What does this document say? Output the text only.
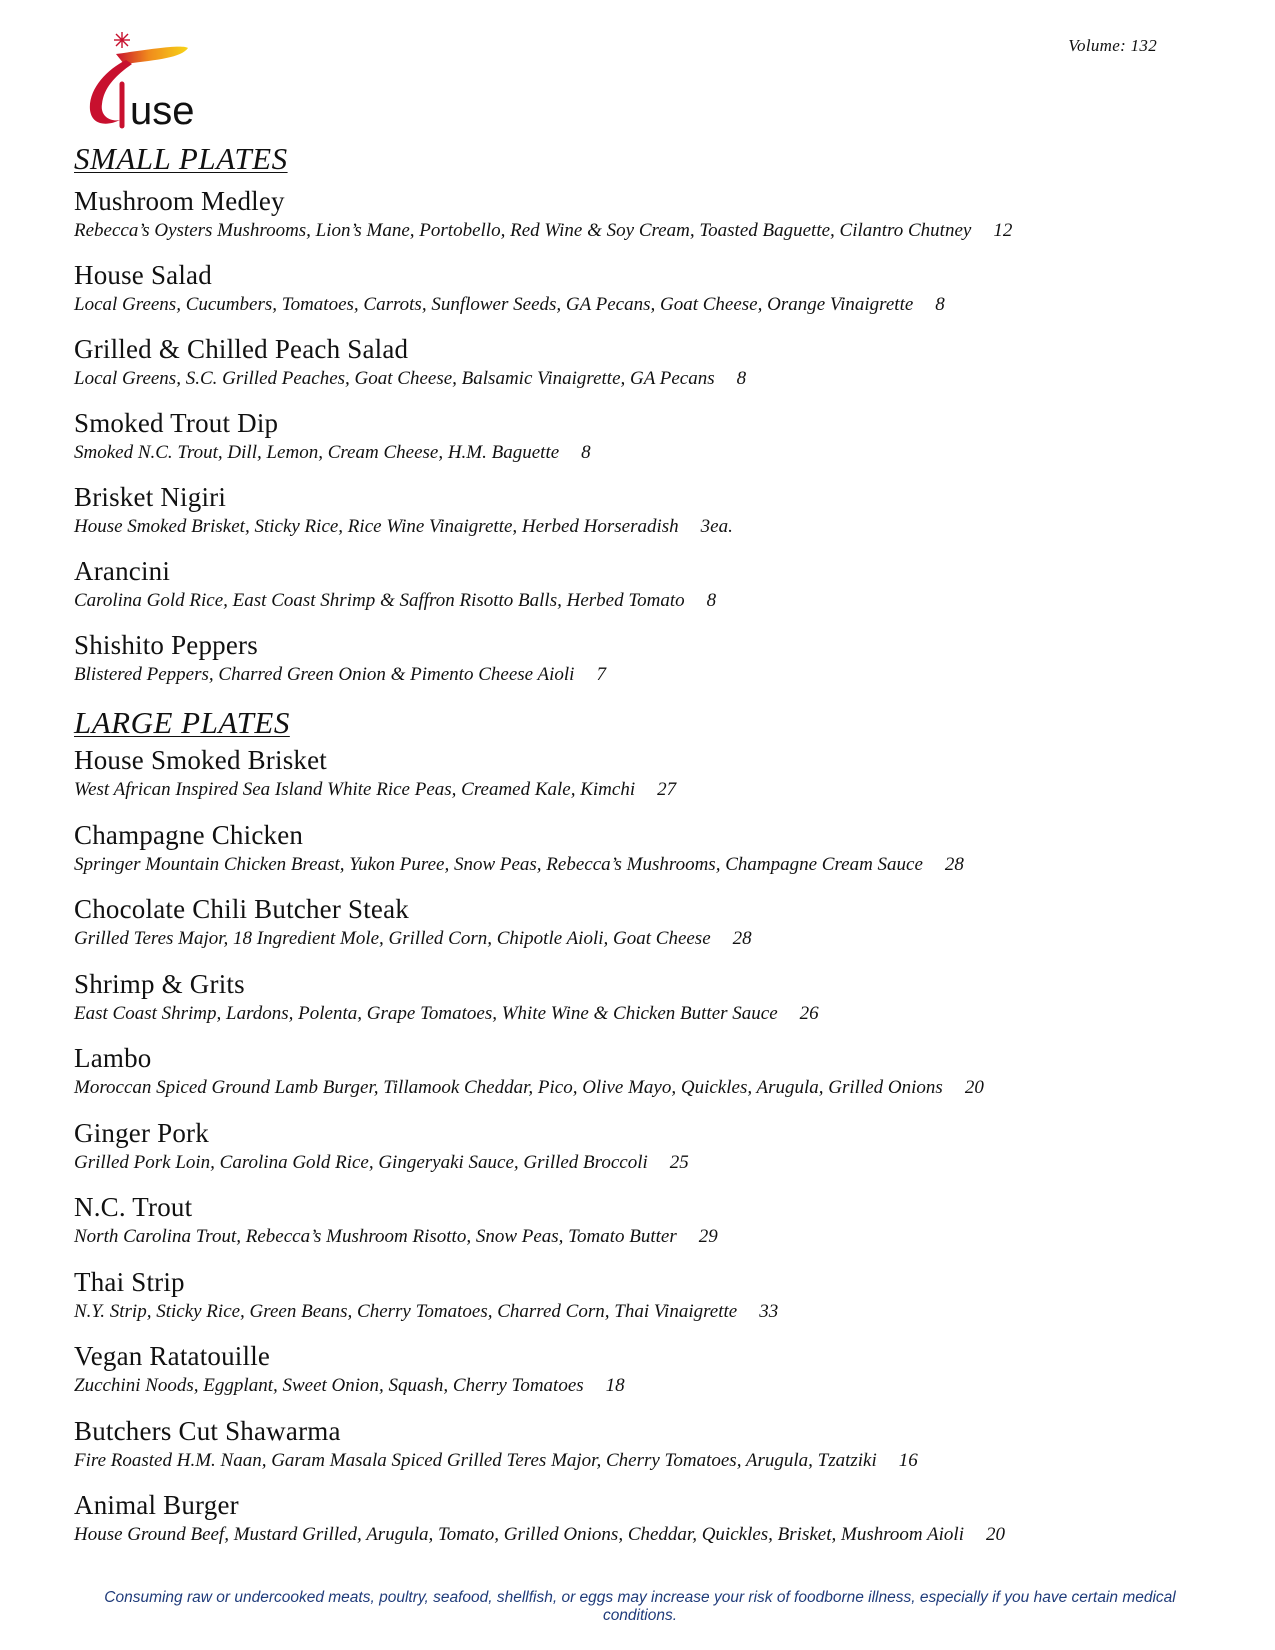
use
Volume: 132
SMALL PLATES
Mushroom Medley
Rebecca’s Oysters Mushrooms, Lion’s Mane, Portobello, Red Wine & Soy Cream, Toasted Baguette, Cilantro Chutney 12
House Salad
Local Greens, Cucumbers, Tomatoes, Carrots, Sunflower Seeds, GA Pecans, Goat Cheese, Orange Vinaigrette 8
Grilled & Chilled Peach Salad
Local Greens, S.C. Grilled Peaches, Goat Cheese, Balsamic Vinaigrette, GA Pecans 8
Smoked Trout Dip
Smoked N.C. Trout, Dill, Lemon, Cream Cheese, H.M. Baguette 8
Brisket Nigiri
House Smoked Brisket, Sticky Rice, Rice Wine Vinaigrette, Herbed Horseradish 3ea.
Arancini
Carolina Gold Rice, East Coast Shrimp & Saffron Risotto Balls, Herbed Tomato 8
Shishito Peppers
Blistered Peppers, Charred Green Onion & Pimento Cheese Aioli 7
LARGE PLATES
House Smoked Brisket
West African Inspired Sea Island White Rice Peas, Creamed Kale, Kimchi 27
Champagne Chicken
Springer Mountain Chicken Breast, Yukon Puree, Snow Peas, Rebecca’s Mushrooms, Champagne Cream Sauce 28
Chocolate Chili Butcher Steak
Grilled Teres Major, 18 Ingredient Mole, Grilled Corn, Chipotle Aioli, Goat Cheese 28
Shrimp & Grits
East Coast Shrimp, Lardons, Polenta, Grape Tomatoes, White Wine & Chicken Butter Sauce 26
Lambo
Moroccan Spiced Ground Lamb Burger, Tillamook Cheddar, Pico, Olive Mayo, Quickles, Arugula, Grilled Onions 20
Ginger Pork
Grilled Pork Loin, Carolina Gold Rice, Gingeryaki Sauce, Grilled Broccoli 25
N.C. Trout
North Carolina Trout, Rebecca’s Mushroom Risotto, Snow Peas, Tomato Butter 29
Thai Strip
N.Y. Strip, Sticky Rice, Green Beans, Cherry Tomatoes, Charred Corn, Thai Vinaigrette 33
Vegan Ratatouille
Zucchini Noods, Eggplant, Sweet Onion, Squash, Cherry Tomatoes 18
Butchers Cut Shawarma
Fire Roasted H.M. Naan, Garam Masala Spiced Grilled Teres Major, Cherry Tomatoes, Arugula, Tzatziki 16
Animal Burger
House Ground Beef, Mustard Grilled, Arugula, Tomato, Grilled Onions, Cheddar, Quickles, Brisket, Mushroom Aioli 20
Consuming raw or undercooked meats, poultry, seafood, shellfish, or eggs may increase your risk of foodborne illness, especially if you have certain medical conditions.
